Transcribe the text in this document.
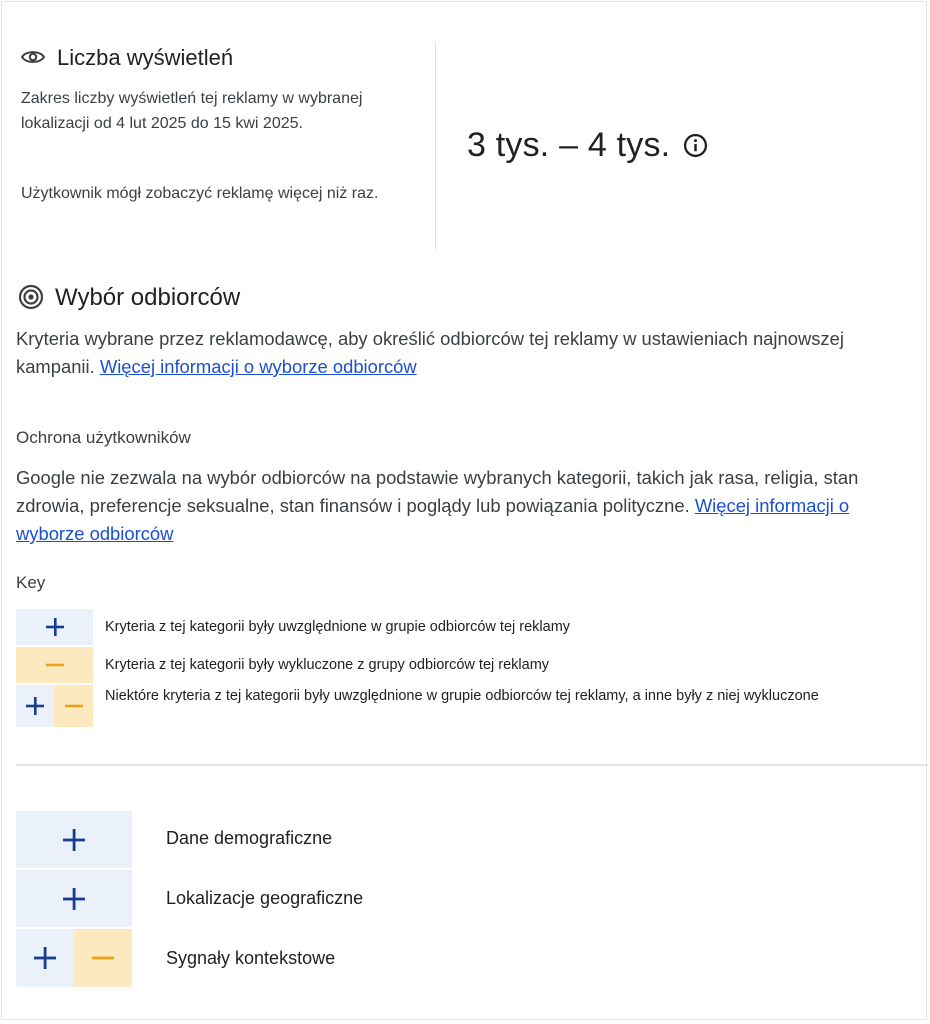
Liczba wyświetleń
Zakres liczby wyświetleń tej reklamy w wybranej lokalizacji od 4 lut 2025 do 15 kwi 2025.
Użytkownik mógł zobaczyć reklamę więcej niż raz.
3 tys. – 4 tys.
Wybór odbiorców
Kryteria wybrane przez reklamodawcę, aby określić odbiorców tej reklamy w ustawieniach najnowszej kampanii. Więcej informacji o wyborze odbiorców
Ochrona użytkowników
Google nie zezwala na wybór odbiorców na podstawie wybranych kategorii, takich jak rasa, religia, stan zdrowia, preferencje seksualne, stan finansów i poglądy lub powiązania polityczne. Więcej informacji o wyborze odbiorców
Key
Kryteria z tej kategorii były uwzględnione w grupie odbiorców tej reklamy
Kryteria z tej kategorii były wykluczone z grupy odbiorców tej reklamy
Niektóre kryteria z tej kategorii były uwzględnione w grupie odbiorców tej reklamy, a inne były z niej wykluczone
Dane demograficzne
Lokalizacje geograficzne
Sygnały kontekstowe
